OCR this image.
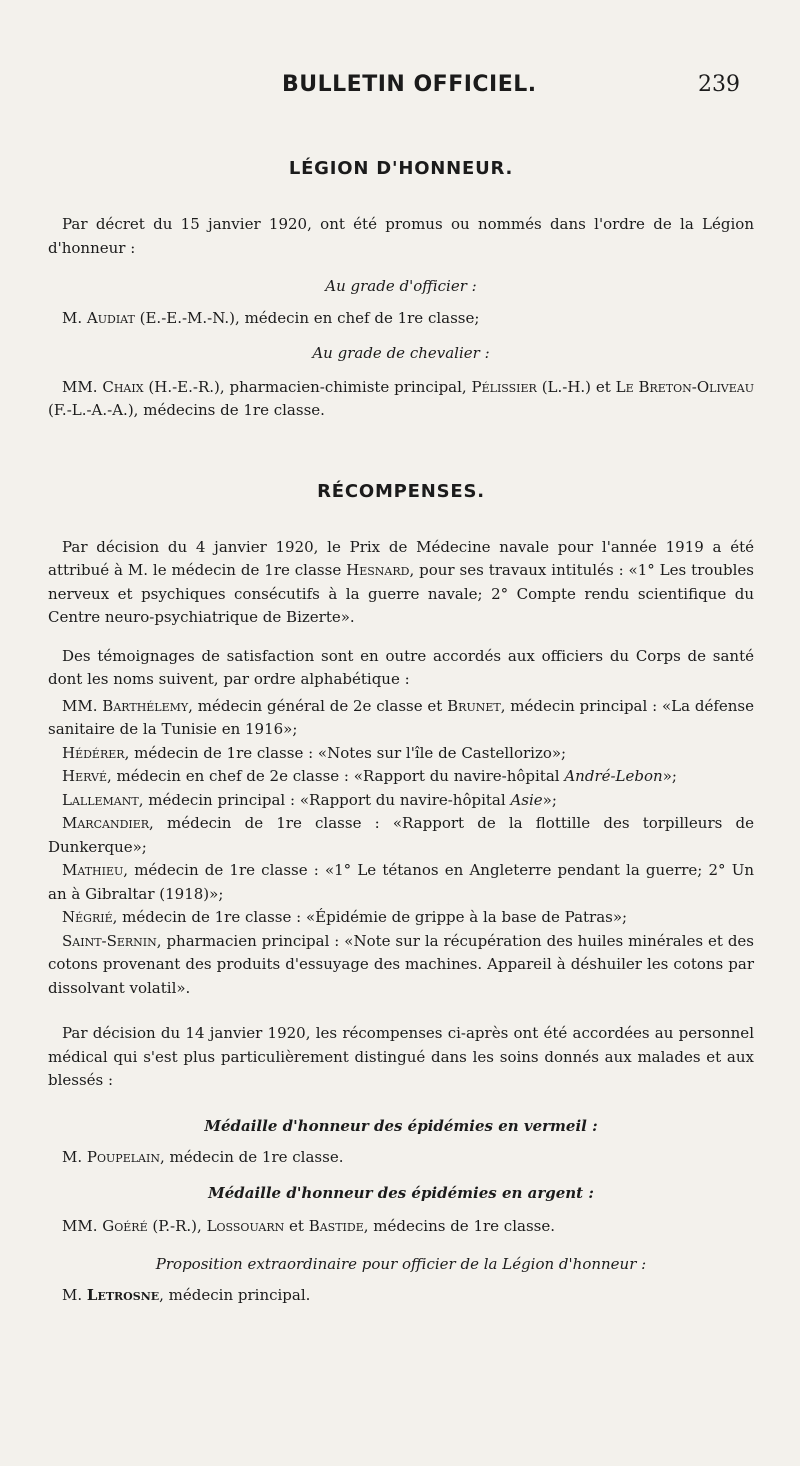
BULLETIN OFFICIEL.	239
LÉGION D'HONNEUR.

Par décret du 15 janvier 1920, ont été promus ou nommés dans l'ordre de la Légion d'honneur :

Au grade d'officier :

M. Audiat (E.-E.-M.-N.), médecin en chef de 1re classe;

Au grade de chevalier :

MM. Chaix (H.-E.-R.), pharmacien-chimiste principal, Pélissier (L.-H.) et Le Breton-Oliveau (F.-L.-A.-A.), médecins de 1re classe.

RÉCOMPENSES.

Par décision du 4 janvier 1920, le Prix de Médecine navale pour l'année 1919 a été attribué à M. le médecin de 1re classe Hesnard, pour ses travaux intitulés : «1° Les troubles nerveux et psychiques consécutifs à la guerre navale; 2° Compte rendu scientifique du Centre neuro-psychiatrique de Bizerte».

Des témoignages de satisfaction sont en outre accordés aux officiers du Corps de santé dont les noms suivent, par ordre alphabétique :

MM. Barthélemy, médecin général de 2e classe et Brunet, médecin principal : «La défense sanitaire de la Tunisie en 1916»;

Hédérer, médecin de 1re classe : «Notes sur l'île de Castellorizo»;

Hervé, médecin en chef de 2e classe : «Rapport du navire-hôpital André-Lebon»;

Lallemant, médecin principal : «Rapport du navire-hôpital Asie»;

Marcandier, médecin de 1re classe : «Rapport de la flottille des torpilleurs de Dunkerque»;

Mathieu, médecin de 1re classe : «1° Le tétanos en Angleterre pendant la guerre; 2° Un an à Gibraltar (1918)»;

Négrié, médecin de 1re classe : «Épidémie de grippe à la base de Patras»;

Saint-Sernin, pharmacien principal : «Note sur la récupération des huiles minérales et des cotons provenant des produits d'essuyage des machines. Appareil à déshuiler les cotons par dissolvant volatil».

Par décision du 14 janvier 1920, les récompenses ci-après ont été accordées au personnel médical qui s'est plus particulièrement distingué dans les soins donnés aux malades et aux blessés :

Médaille d'honneur des épidémies en vermeil :

M. Poupelain, médecin de 1re classe.

Médaille d'honneur des épidémies en argent :

MM. Goéré (P.-R.), Lossouarn et Bastide, médecins de 1re classe.

Proposition extraordinaire pour officier de la Légion d'honneur :

M. Letrosne, médecin principal.
